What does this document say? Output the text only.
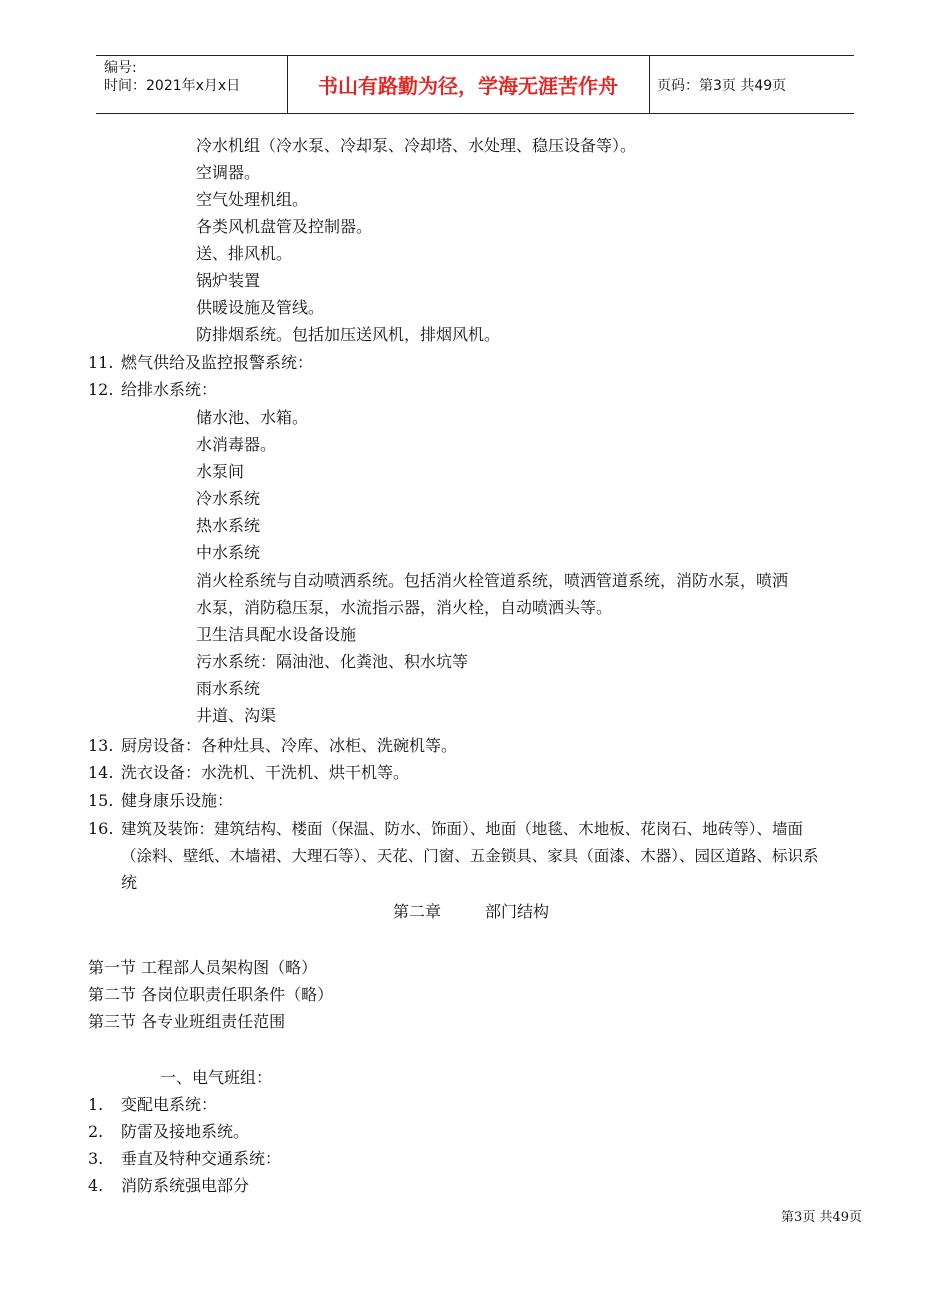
编号:
时间：2021年x月x日	书山有路勤为径，学海无涯苦作舟	页码：第3页 共49页
冷水机组（冷水泵、冷却泵、冷却塔、水处理、稳压设备等）。
空调器。
空气处理机组。
各类风机盘管及控制器。
送、排风机。
锅炉装置
供暖设施及管线。
防排烟系统。包括加压送风机，排烟风机。
11. 燃气供给及监控报警系统：
12. 给排水系统：
储水池、水箱。
水消毒器。
水泵间
冷水系统
热水系统
中水系统
消火栓系统与自动喷洒系统。包括消火栓管道系统，喷洒管道系统，消防水泵，喷洒
水泵，消防稳压泵，水流指示器，消火栓，自动喷洒头等。
卫生洁具配水设备设施
污水系统：隔油池、化粪池、积水坑等
雨水系统
井道、沟渠
13. 厨房设备：各种灶具、冷库、冰柜、洗碗机等。
14. 洗衣设备：水洗机、干洗机、烘干机等。
15. 健身康乐设施：
16. 建筑及装饰：建筑结构、楼面（保温、防水、饰面）、地面（地毯、木地板、花岗石、地砖等）、墙面
（涂料、壁纸、木墙裙、大理石等）、天花、门窗、五金锁具、家具（面漆、木器）、园区道路、标识系
统
第二章	部门结构
第一节 工程部人员架构图（略）
第二节 各岗位职责任职条件（略）
第三节 各专业班组责任范围
一、电气班组：
1. 变配电系统：
2. 防雷及接地系统。
3. 垂直及特种交通系统：
4. 消防系统强电部分
第3页 共49页
